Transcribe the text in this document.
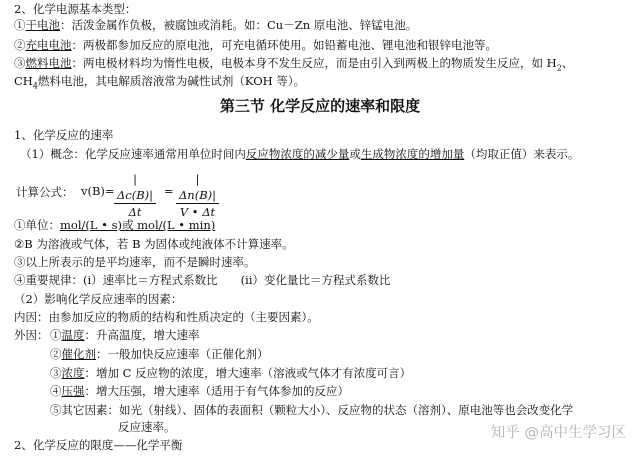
2、化学电源基本类型：
①干电池：活泼金属作负极，被腐蚀或消耗。如：Cu－Zn 原电池、锌锰电池。
②充电电池：两极都参加反应的原电池，可充电循环使用。如铅蓄电池、锂电池和银锌电池等。
③燃料电池：两电极材料均为惰性电极，电极本身不发生反应，而是由引入到两极上的物质发生反应，如 $H_2$、
$CH_4$燃料电池，其电解质溶液常为碱性试剂（KOH 等）。
第三节 化学反应的速率和限度
1、化学反应的速率
（1）概念：化学反应速率通常用单位时间内反应物浓度的减少量或生成物浓度的增加量（均取正值）来表示。
计算公式： v(B)=
|Δc(B)|
Δt
=
|Δn(B)|
V • Δt
①单位：mol/(L • s)或 mol/(L • min)
②B 为溶液或气体，若 B 为固体或纯液体不计算速率。
③以上所表示的是平均速率，而不是瞬时速率。
④重要规律：(i）速率比＝方程式系数比　　(ii）变化量比＝方程式系数比
（2）影响化学反应速率的因素：
内因：由参加反应的物质的结构和性质决定的（主要因素）。
外因： ①温度：升高温度，增大速率
②催化剂：一般加快反应速率（正催化剂）
③浓度：增加 C 反应物的浓度，增大速率（溶液或气体才有浓度可言）
④压强：增大压强，增大速率（适用于有气体参加的反应）
⑤其它因素：如光（射线）、固体的表面积（颗粒大小）、反应物的状态（溶剂）、原电池等也会改变化学
反应速率。
2、化学反应的限度——化学平衡
知乎 @高中生学习区
